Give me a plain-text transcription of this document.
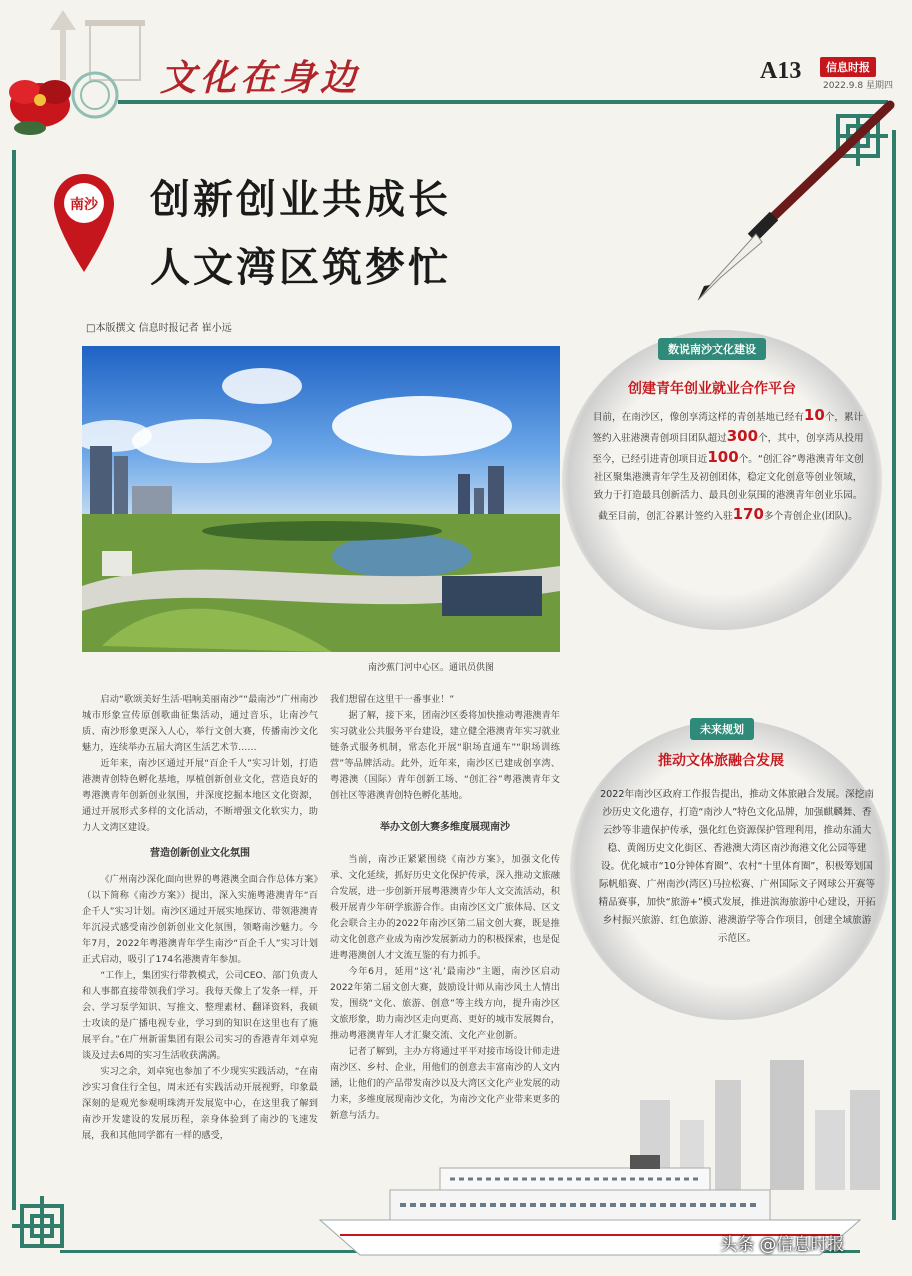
文化在身边	A13	信息时报
2022.9.8 星期四
南沙 创新创业共成长
人文湾区筑梦忙
□本版撰文 信息时报记者 崔小远
南沙蕉门河中心区。通讯员供图

启动“歌颂美好生活·唱响美丽南沙”“最南沙”广州南沙城市形象宣传原创歌曲征集活动，通过音乐，让南沙气质、南沙形象更深入人心，举行文创大赛，传播南沙文化魅力，连续举办五届大湾区生活艺术节……

近年来，南沙区通过开展“百企千人”实习计划，打造港澳青创特色孵化基地，厚植创新创业文化，营造良好的粤港澳青年创新创业氛围，并深度挖掘本地区文化资源，通过开展形式多样的文化活动，不断增强文化软实力，助力人文湾区建设。

营造创新创业文化氛围

《广州南沙深化面向世界的粤港澳全面合作总体方案》（以下简称《南沙方案》）提出，深入实施粤港澳青年“百企千人”实习计划。南沙区通过开展实地探访、带领港澳青年沉浸式感受南沙创新创业文化氛围，领略南沙魅力。今年7月，2022年粤港澳青年学生南沙“百企千人”实习计划正式启动，吸引了174名港澳青年参加。

“工作上，集团实行带教模式，公司CEO、部门负责人和人事都直接带领我们学习。我每天像上了发条一样，开会、学习泵学知识、写推文、整理素材、翻译资料，我硕士攻读的是广播电视专业，学习到的知识在这里也有了施展平台。”在广州新雷集团有限公司实习的香港青年刘卓宛谈及过去6周的实习生活收获满满。

实习之余，刘卓宛也参加了不少现实实践活动，“在南沙实习食住行全包，周末还有实践活动开展视野，印象最深刻的是观光参观明珠湾开发展览中心，在这里我了解到南沙开发建设的发展历程，亲身体验到了南沙的飞速发展，我和其他同学都有一样的感受，

我们想留在这里干一番事业！”

据了解，接下来，团南沙区委将加快推动粤港澳青年实习就业公共服务平台建设，建立健全港澳青年实习就业链条式服务机制，常态化开展“职场直通车”“职场训练营”等品牌活动。此外，近年来，南沙区已建成创享湾、粤港澳（国际）青年创新工场、“创汇谷”粤港澳青年文创社区等港澳青创特色孵化基地。

举办文创大赛多维度展现南沙

当前，南沙正紧紧围绕《南沙方案》，加强文化传承、文化延续，抓好历史文化保护传承，深入推动文旅融合发展，进一步创新开展粤港澳青少年人文交流活动，积极开展青少年研学旅游合作。由南沙区文广旅体局、区文化会联合主办的2022年南沙区第二届文创大赛，既是推动文化创意产业成为南沙发展新动力的积极探索，也是促进粤港澳创人才文流互鉴的有力抓手。

今年6月，延用“这‘礼’最南沙”主题，南沙区启动2022年第二届文创大赛，鼓励设计师从南沙风土人情出发，围绕“文化、旅游、创意”等主线方向，提升南沙区文旅形象，助力南沙区走向更高、更好的城市发展舞台，推动粤港澳青年人才汇聚交流、文化产业创新。

记者了解到，主办方将通过平平对接市场设计师走进南沙区、乡村、企业，用他们的创意去丰富南沙的人文内涵，让他们的产品带发南沙以及大湾区文化产业发展的动力来，多维度展现南沙文化，为南沙文化产业带来更多的新意与活力。

数说南沙文化建设
创建青年创业就业合作平台
目前，在南沙区，像创享湾这样的青创基地已经有10个，累计签约入驻港澳青创项目团队超过300个，其中，创享湾从投用至今，已经引进青创项目近100个。“创汇谷”粤港澳青年文创社区聚集港澳青年学生及初创团体，稳定文化创意等创业领域，致力于打造最具创新活力、最具创业氛围的港澳青年创业乐园。截至目前，创汇谷累计签约入驻170多个青创企业(团队)。
未来规划
推动文体旅融合发展
2022年南沙区政府工作报告提出，推动文体旅融合发展。深挖南沙历史文化遗存，打造“南沙人”特色文化品牌，加强麒麟舞、香云纱等非遗保护传承，强化红色资源保护管理利用，推动东涌大稳、黄阁历史文化街区、香港澳大湾区南沙海港文化公园等建设。优化城市“10分钟体育圈”、农村“十里体育圈”，积极筹划国际帆船赛、广州南沙(湾区)马拉松赛、广州国际文子网球公开赛等精品赛事，加快“旅游+”模式发展，推进滨海旅游中心建设，开拓乡村振兴旅游、红色旅游、港澳游学等合作项目，创建全域旅游示范区。
头条 @信息时报
